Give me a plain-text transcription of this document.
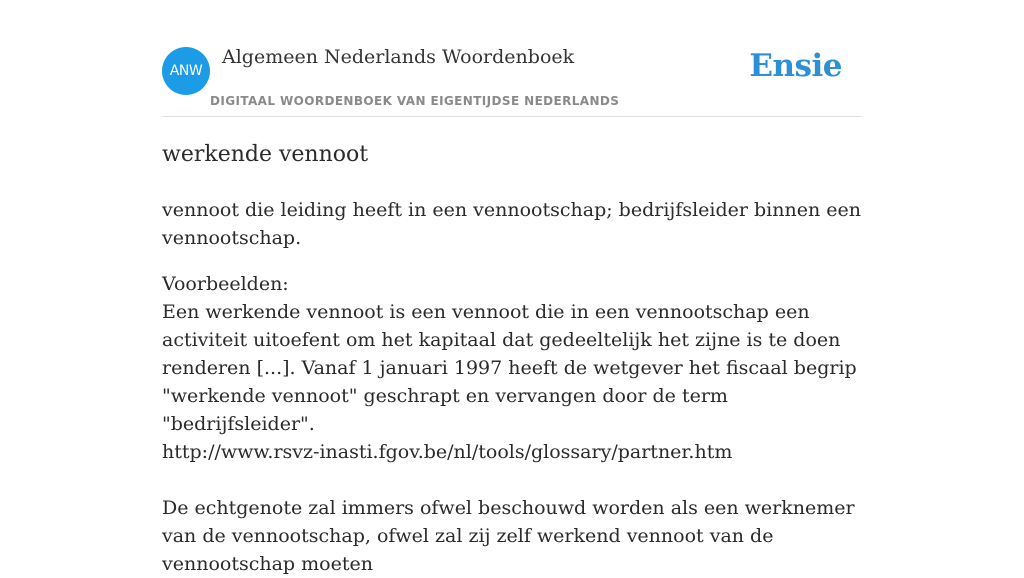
ANW
Algemeen Nederlands Woordenboek
DIGITAAL WOORDENBOEK VAN EIGENTIJDSE NEDERLANDS
Ensie
werkende vennoot

vennoot die leiding heeft in een vennootschap; bedrijfsleider binnen een vennootschap.

Voorbeelden:
Een werkende vennoot is een vennoot die in een vennootschap een activiteit uitoefent om het kapitaal dat gedeeltelijk het zijne is te doen renderen [...]. Vanaf 1 januari 1997 heeft de wetgever het fiscaal begrip "werkende vennoot" geschrapt en vervangen door de term "bedrijfsleider".
http://www.rsvz-inasti.fgov.be/nl/tools/glossary/partner.htm
De echtgenote zal immers ofwel beschouwd worden als een werknemer van de vennootschap, ofwel zal zij zelf werkend vennoot van de vennootschap moeten
